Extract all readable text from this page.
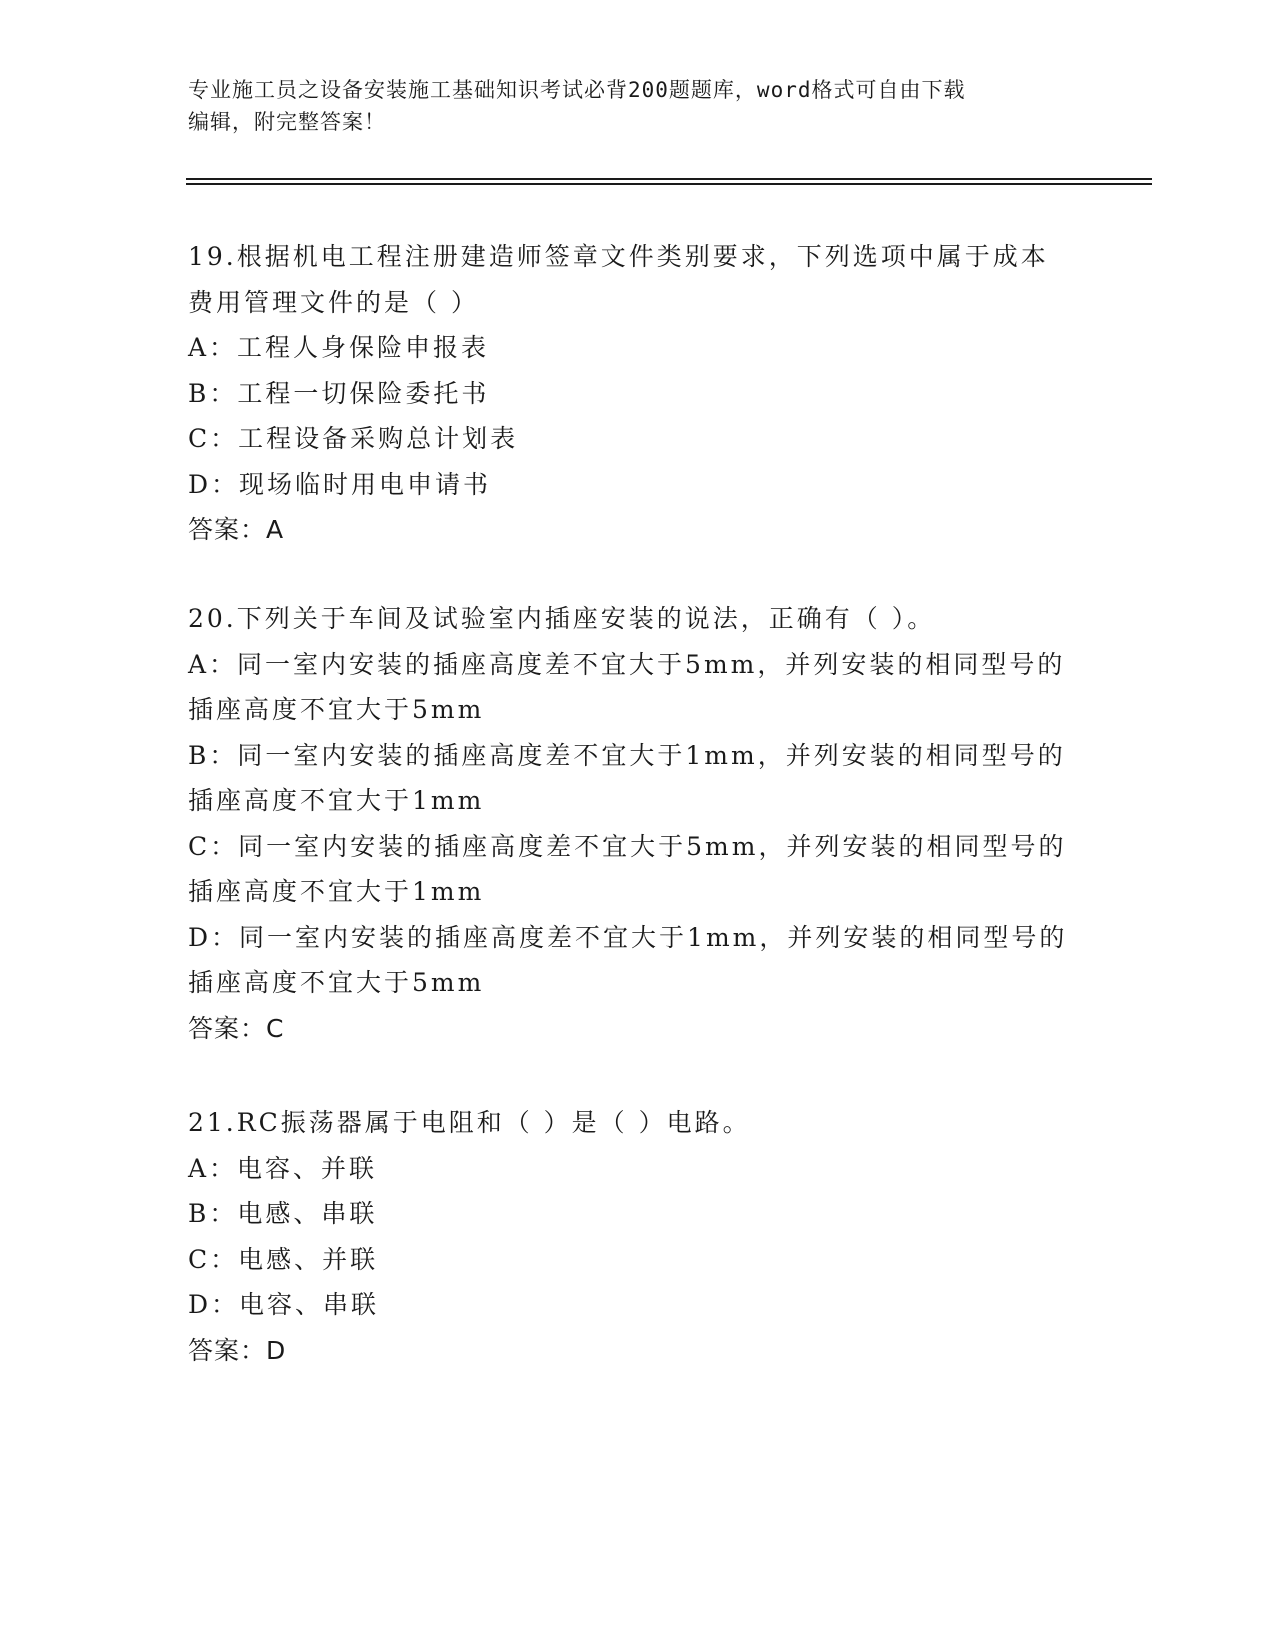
专业施工员之设备安装施工基础知识考试必背200题题库，word格式可自由下载
编辑，附完整答案！
19.根据机电工程注册建造师签章文件类别要求，下列选项中属于成本
费用管理文件的是（ ）
A：工程人身保险申报表
B：工程一切保险委托书
C：工程设备采购总计划表
D：现场临时用电申请书
答案：A
20.下列关于车间及试验室内插座安装的说法，正确有（ ）。
A：同一室内安装的插座高度差不宜大于5mm，并列安装的相同型号的
插座高度不宜大于5mm
B：同一室内安装的插座高度差不宜大于1mm，并列安装的相同型号的
插座高度不宜大于1mm
C：同一室内安装的插座高度差不宜大于5mm，并列安装的相同型号的
插座高度不宜大于1mm
D：同一室内安装的插座高度差不宜大于1mm，并列安装的相同型号的
插座高度不宜大于5mm
答案：C
21.RC振荡器属于电阻和（ ）是（ ）电路。
A：电容、并联
B：电感、串联
C：电感、并联
D：电容、串联
答案：D
